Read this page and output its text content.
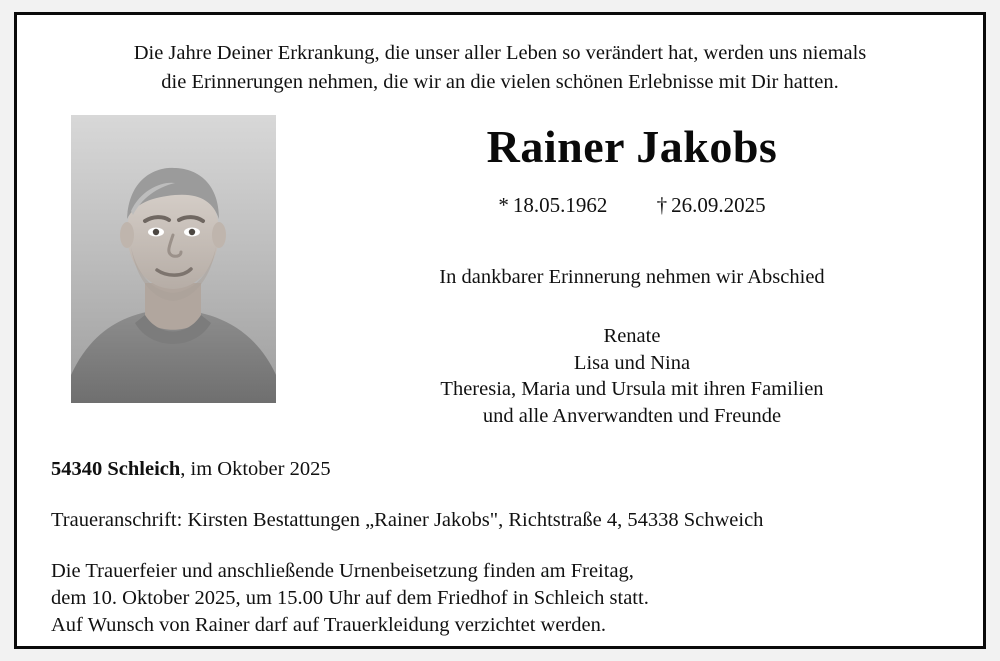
Die Jahre Deiner Erkrankung, die unser aller Leben so verändert hat, werden uns niemals
die Erinnerungen nehmen, die wir an die vielen schönen Erlebnisse mit Dir hatten.
Rainer Jakobs
* 18.05.1962 † 26.09.2025
In dankbarer Erinnerung nehmen wir Abschied
Renate
Lisa und Nina
Theresia, Maria und Ursula mit ihren Familien
und alle Anverwandten und Freunde
54340 Schleich, im Oktober 2025
Traueranschrift: Kirsten Bestattungen „Rainer Jakobs", Richtstraße 4, 54338 Schweich
Die Trauerfeier und anschließende Urnenbeisetzung finden am Freitag,
dem 10. Oktober 2025, um 15.00 Uhr auf dem Friedhof in Schleich statt.
Auf Wunsch von Rainer darf auf Trauerkleidung verzichtet werden.
